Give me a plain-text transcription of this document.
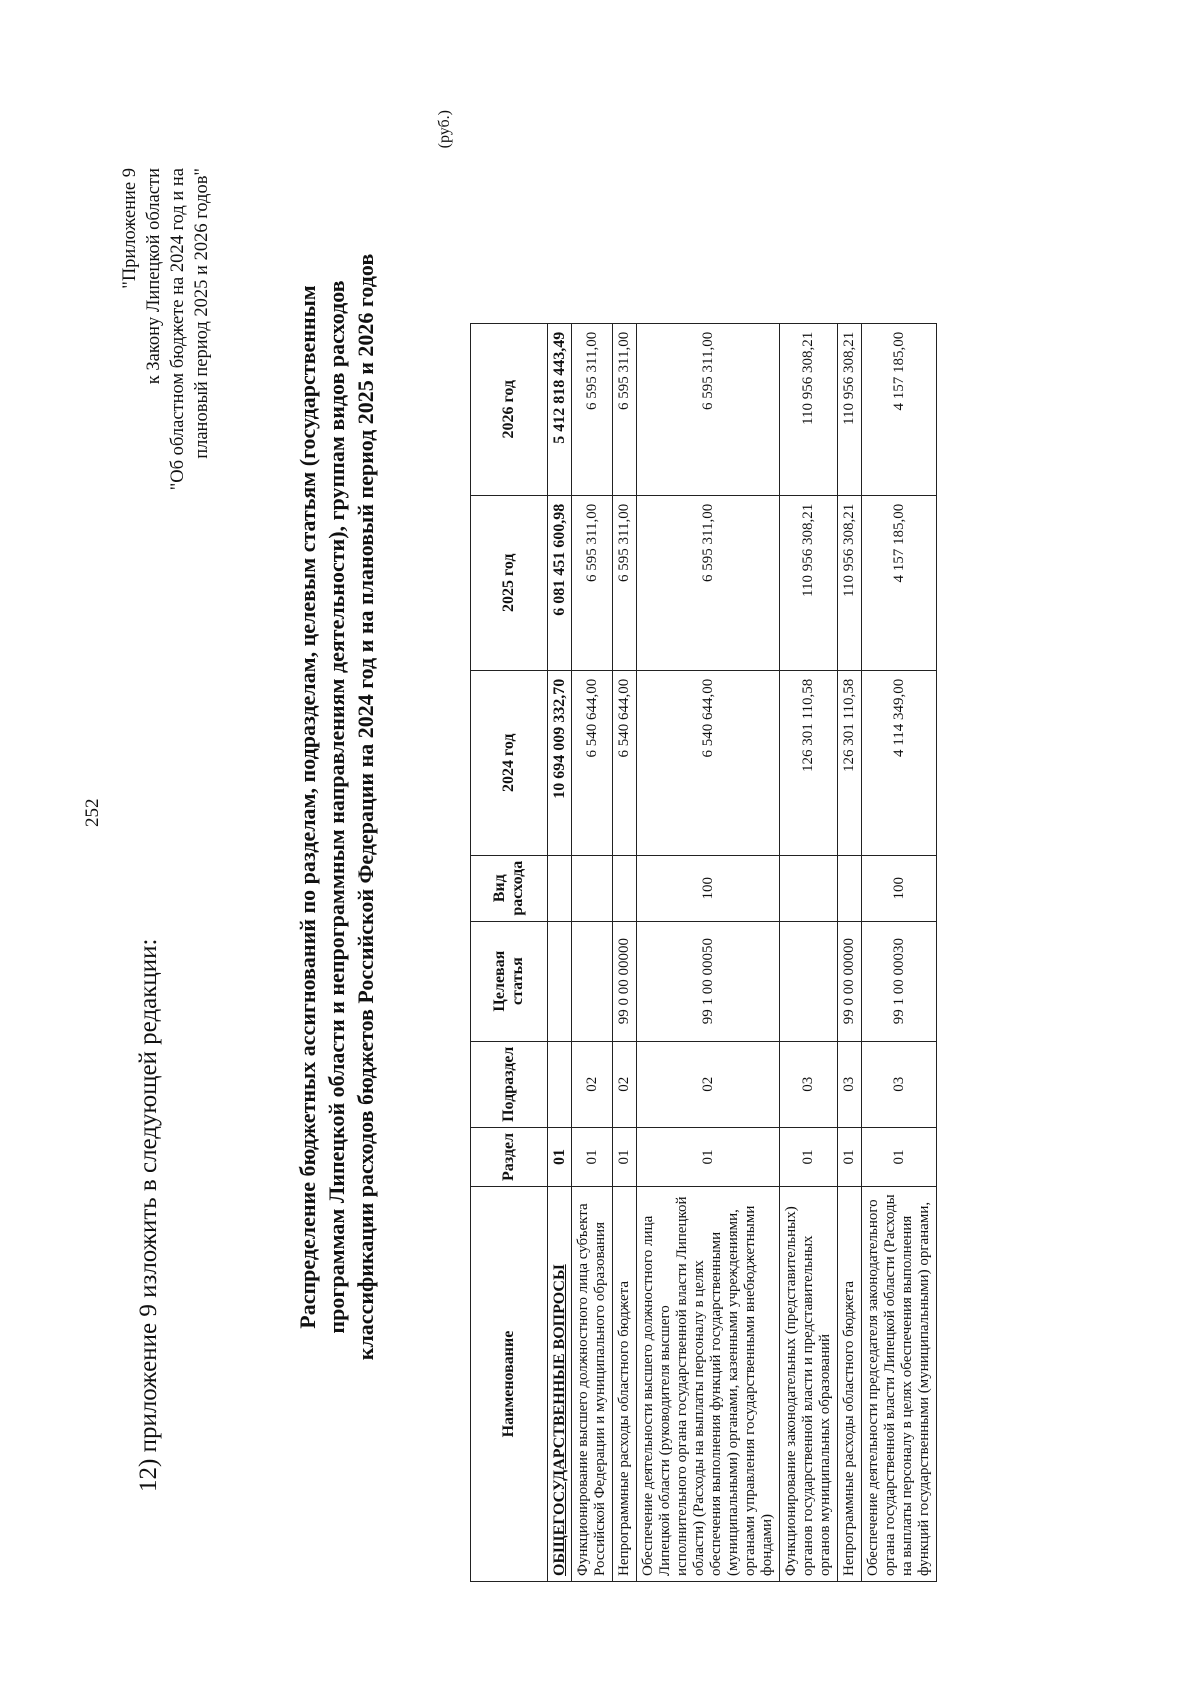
252
12) приложение 9 изложить в следующей редакции:
"Приложение 9 к Закону Липецкой области "Об областном бюджете на 2024 год и на плановый период 2025 и 2026 годов"	Распределение бюджетных ассигнований по разделам, подразделам, целевым статьям (государственным программам Липецкой области и непрограммным направлениям деятельности), группам видов расходов классификации расходов бюджетов Российской Федерации на 2024 год и на плановый период 2025 и 2026 годов
(руб.)
Наименование	Раздел	Подраздел	Целевая статья	Вид расхода	2024 год	2025 год	2026 год
ОБЩЕГОСУДАРСТВЕННЫЕ ВОПРОСЫ	01				10 694 009 332,70	6 081 451 600,98	5 412 818 443,49
Функционирование высшего должностного лица субъекта Российской Федерации и муниципального образования	01	02			6 540 644,00	6 595 311,00	6 595 311,00
Непрограммные расходы областного бюджета	01	02	99 0 00 00000		6 540 644,00	6 595 311,00	6 595 311,00
Обеспечение деятельности высшего должностного лица Липецкой области (руководителя высшего исполнительного органа государственной власти Липецкой области) (Расходы на выплаты персоналу в целях обеспечения выполнения функций государственными (муниципальными) органами, казенными учреждениями, органами управления государственными внебюджетными фондами)	01	02	99 1 00 00050	100	6 540 644,00	6 595 311,00	6 595 311,00
Функционирование законодательных (представительных) органов государственной власти и представительных органов муниципальных образований	01	03			126 301 110,58	110 956 308,21	110 956 308,21
Непрограммные расходы областного бюджета	01	03	99 0 00 00000		126 301 110,58	110 956 308,21	110 956 308,21
Обеспечение деятельности председателя законодательного органа государственной власти Липецкой области (Расходы на выплаты персоналу в целях обеспечения выполнения функций государственными (муниципальными) органами,	01	03	99 1 00 00030	100	4 114 349,00	4 157 185,00	4 157 185,00
